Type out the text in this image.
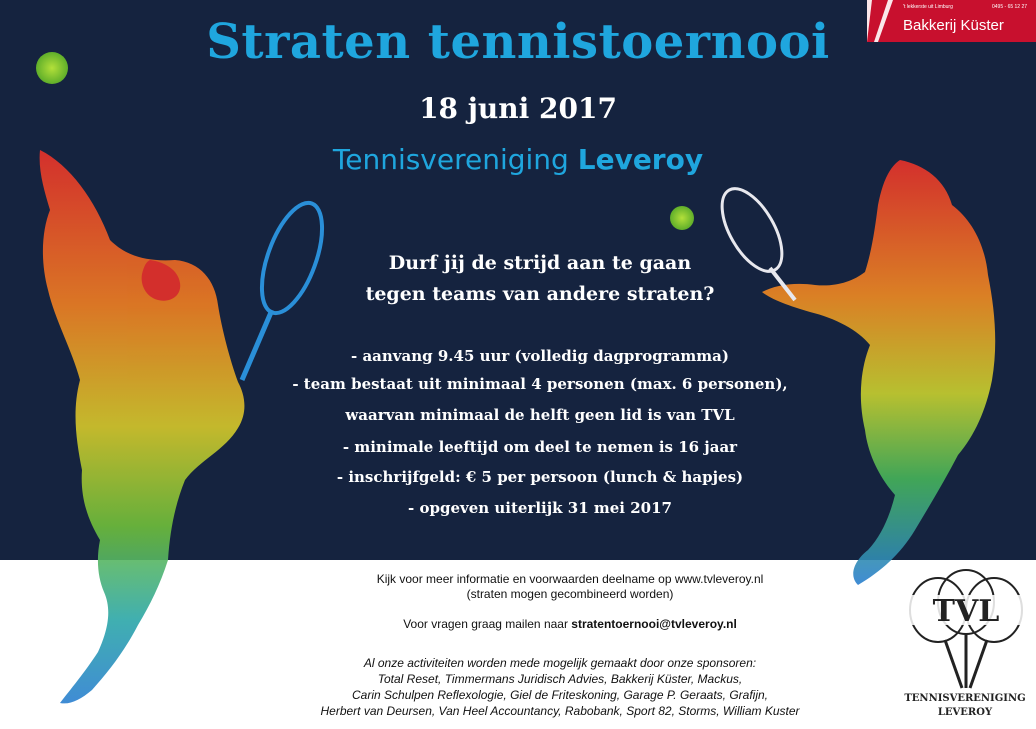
TVL
Straten tennistoernooi
18 juni 2017
Tennisvereniging Leveroy
Durf jij de strijd aan te gaan
tegen teams van andere straten?
- aanvang 9.45 uur (volledig dagprogramma)
- team bestaat uit minimaal 4 personen (max. 6 personen),
waarvan minimaal de helft geen lid is van TVL
- minimale leeftijd om deel te nemen is 16 jaar
- inschrijfgeld: € 5 per persoon (lunch & hapjes)
- opgeven uiterlijk 31 mei 2017
Kijk voor meer informatie en voorwaarden deelname op www.tvleveroy.nl
(straten mogen gecombineerd worden)
Voor vragen graag mailen naar stratentoernooi@tvleveroy.nl
Al onze activiteiten worden mede mogelijk gemaakt door onze sponsoren:
Total Reset, Timmermans Juridisch Advies, Bakkerij Küster, Mackus,
Carin Schulpen Reflexologie, Giel de Friteskoning, Garage P. Geraats, Grafijn,
Herbert van Deursen, Van Heel Accountancy, Rabobank, Sport 82, Storms, William Kuster
't lekkerste uit Limburg	0495 - 65 12 27
Bakkerij Küster
TENNISVERENIGING
LEVEROY
